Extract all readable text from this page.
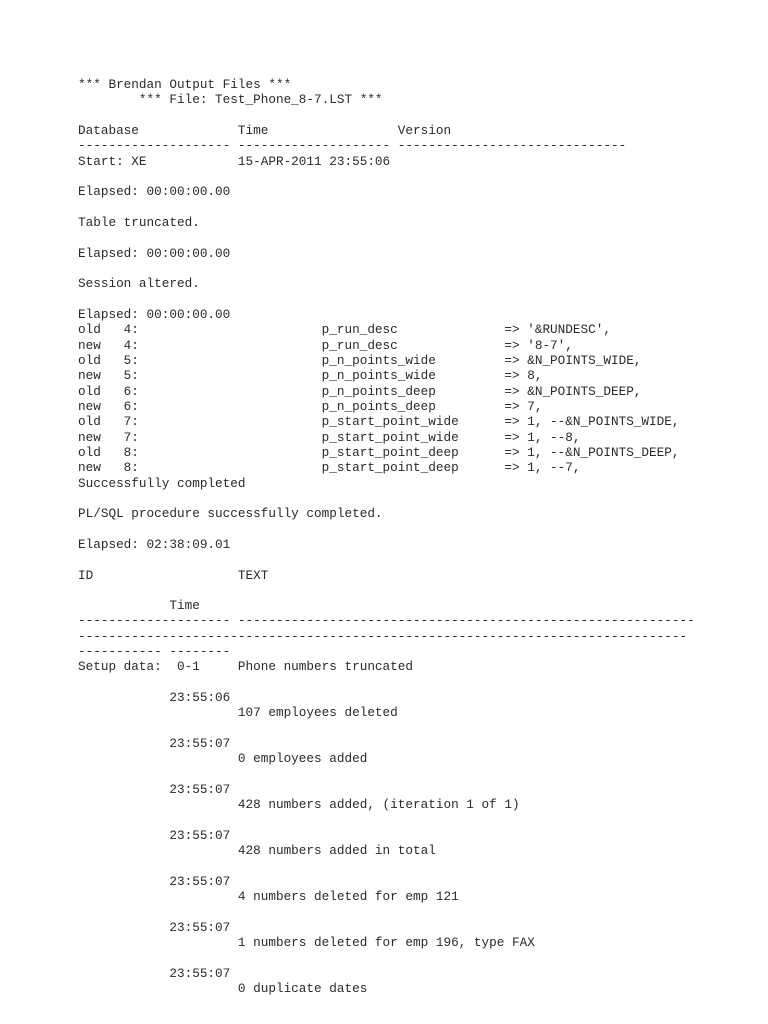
*** Brendan Output Files ***
*** File: Test_Phone_8-7.LST ***
Database             Time                 Version
-------------------- -------------------- ------------------------------
Start: XE            15-APR-2011 23:55:06
Elapsed: 00:00:00.00
Table truncated.
Elapsed: 00:00:00.00
Session altered.
Elapsed: 00:00:00.00
old   4:                        p_run_desc              => '&RUNDESC',
new   4:                        p_run_desc              => '8-7',
old   5:                        p_n_points_wide         => &N_POINTS_WIDE,
new   5:                        p_n_points_wide         => 8,
old   6:                        p_n_points_deep         => &N_POINTS_DEEP,
new   6:                        p_n_points_deep         => 7,
old   7:                        p_start_point_wide      => 1, --&N_POINTS_WIDE,
new   7:                        p_start_point_wide      => 1, --8,
old   8:                        p_start_point_deep      => 1, --&N_POINTS_DEEP,
new   8:                        p_start_point_deep      => 1, --7,
Successfully completed
PL/SQL procedure successfully completed.
Elapsed: 02:38:09.01
ID                   TEXT
Time
-------------------- ------------------------------------------------------------
--------------------------------------------------------------------------------
----------- --------
Setup data:  0-1     Phone numbers truncated
23:55:06
107 employees deleted
23:55:07
0 employees added
23:55:07
428 numbers added, (iteration 1 of 1)
23:55:07
428 numbers added in total
23:55:07
4 numbers deleted for emp 121
23:55:07
1 numbers deleted for emp 196, type FAX
23:55:07
0 duplicate dates
